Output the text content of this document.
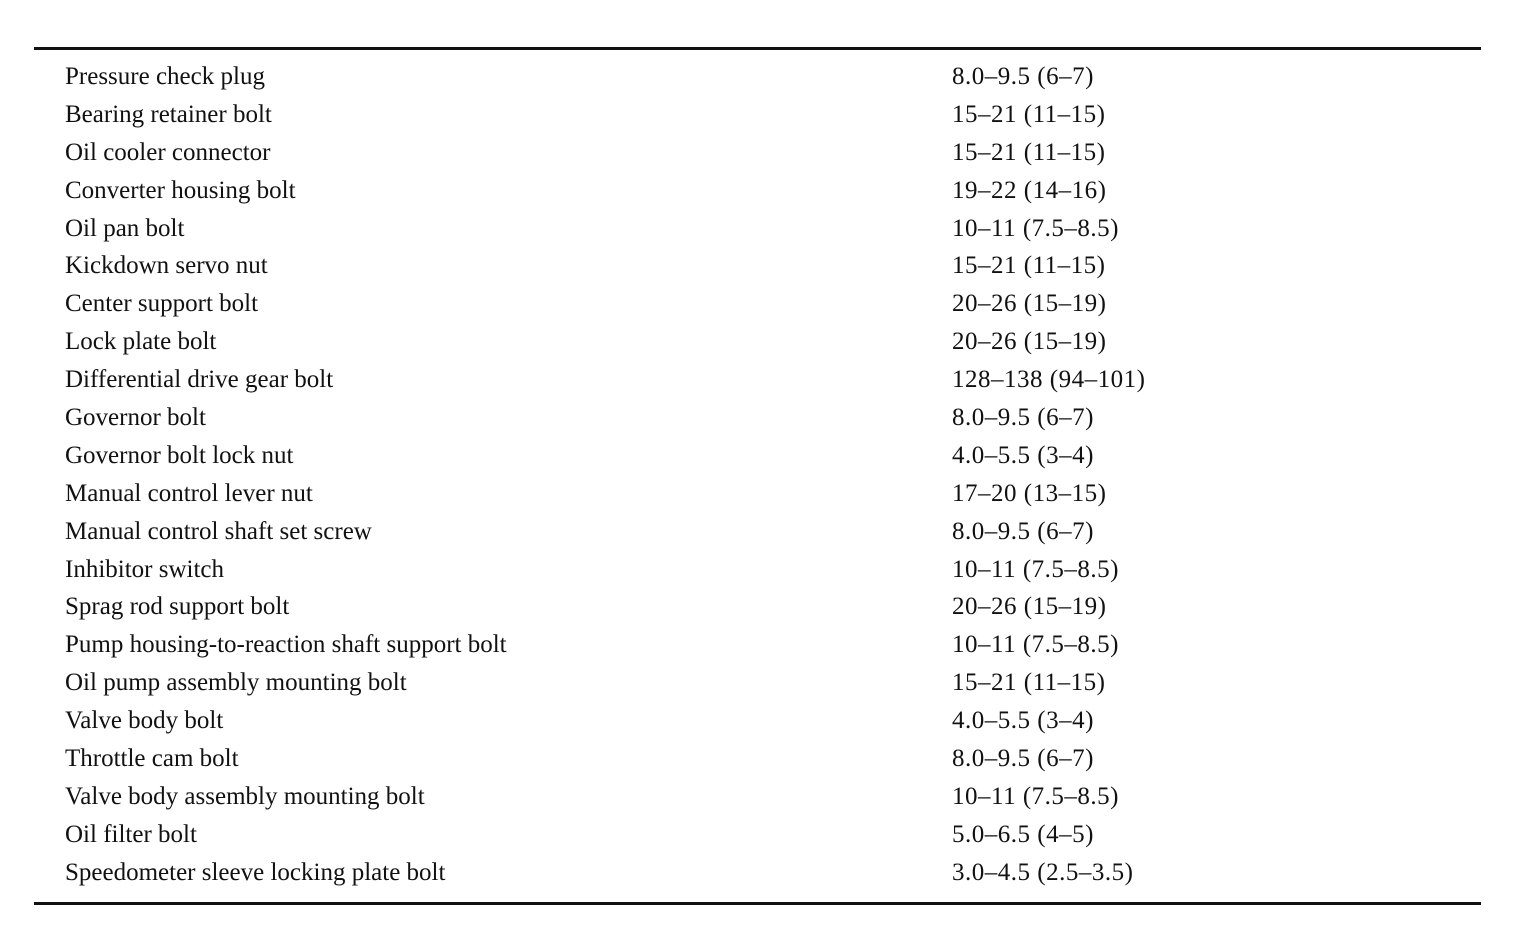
Pressure check plug	8.0–9.5 (6–7)
Bearing retainer bolt	15–21 (11–15)
Oil cooler connector	15–21 (11–15)
Converter housing bolt	19–22 (14–16)
Oil pan bolt	10–11 (7.5–8.5)
Kickdown servo nut	15–21 (11–15)
Center support bolt	20–26 (15–19)
Lock plate bolt	20–26 (15–19)
Differential drive gear bolt	128–138 (94–101)
Governor bolt	8.0–9.5 (6–7)
Governor bolt lock nut	4.0–5.5 (3–4)
Manual control lever nut	17–20 (13–15)
Manual control shaft set screw	8.0–9.5 (6–7)
Inhibitor switch	10–11 (7.5–8.5)
Sprag rod support bolt	20–26 (15–19)
Pump housing-to-reaction shaft support bolt	10–11 (7.5–8.5)
Oil pump assembly mounting bolt	15–21 (11–15)
Valve body bolt	4.0–5.5 (3–4)
Throttle cam bolt	8.0–9.5 (6–7)
Valve body assembly mounting bolt	10–11 (7.5–8.5)
Oil filter bolt	5.0–6.5 (4–5)
Speedometer sleeve locking plate bolt	3.0–4.5 (2.5–3.5)
